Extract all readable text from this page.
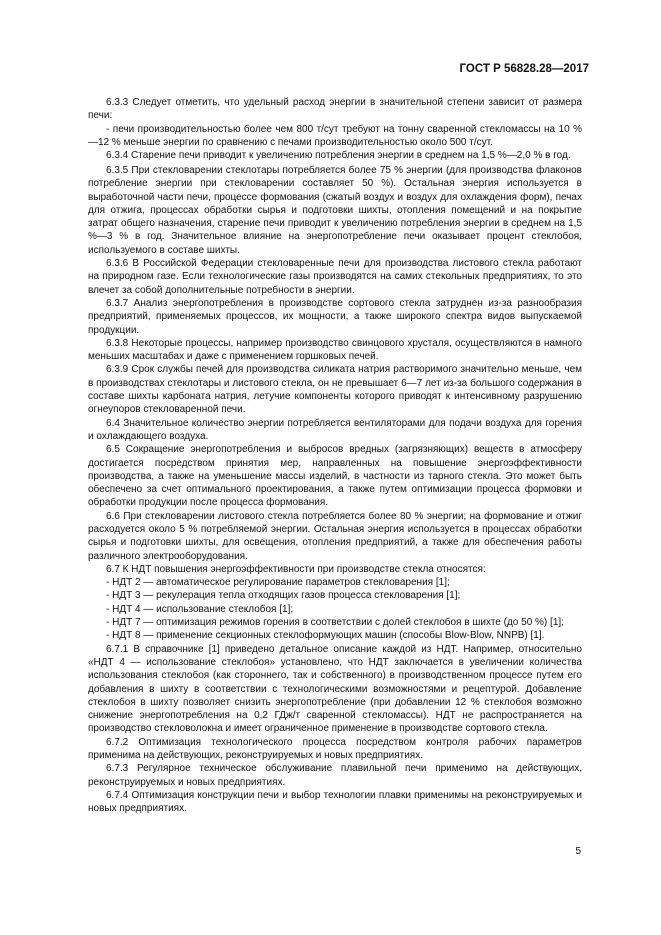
ГОСТ Р 56828.28—2017

6.3.3 Следует отметить, что удельный расход энергии в значительной степени зависит от размера печи:

- печи производительностью более чем 800 т/сут требуют на тонну сваренной стекломассы на 10 %—12 % меньше энергии по сравнению с печами производительностью около 500 т/сут.

6.3.4 Старение печи приводит к увеличению потребления энергии в среднем на 1,5 %—2,0 % в год.

6.3.5 При стекловарении стеклотары потребляется более 75 % энергии (для производства флаконов потребление энергии при стекловарении составляет 50 %). Остальная энергия используется в выработочной части печи, процессе формования (сжатый воздух и воздух для охлаждения форм), печах для отжига, процессах обработки сырья и подготовки шихты, отопления помещений и на покрытие затрат общего назначения, старение печи приводит к увеличению потребления энергии в среднем на 1,5 %—3 % в год. Значительное влияние на энергопотребление печи оказывает процент стеклобоя, используемого в составе шихты.

6.3.6 В Российской Федерации стекловаренные печи для производства листового стекла работают на природном газе. Если технологические газы производятся на самих стекольных предприятиях, то это влечет за собой дополнительные потребности в энергии.

6.3.7 Анализ энергопотребления в производстве сортового стекла затруднен из-за разнообразия предприятий, применяемых процессов, их мощности, а также широкого спектра видов выпускаемой продукции.

6.3.8 Некоторые процессы, например производство свинцового хрусталя, осуществляются в намного меньших масштабах и даже с применением горшковых печей.

6.3.9 Срок службы печей для производства силиката натрия растворимого значительно меньше, чем в производствах стеклотары и листового стекла, он не превышает 6—7 лет из-за большого содержания в составе шихты карбоната натрия, летучие компоненты которого приводят к интенсивному разрушению огнеупоров стекловаренной печи.

6.4 Значительное количество энергии потребляется вентиляторами для подачи воздуха для горения и охлаждающего воздуха.

6.5 Сокращение энергопотребления и выбросов вредных (загрязняющих) веществ в атмосферу достигается посредством принятия мер, направленных на повышение энергоэффективности производства, а также на уменьшение массы изделий, в частности из тарного стекла. Это может быть обеспечено за счет оптимального проектирования, а также путем оптимизации процесса формовки и обработки продукции после процесса формования.

6.6 При стекловарении листового стекла потребляется более 80 % энергии; на формование и отжиг расходуется около 5 % потребляемой энергии. Остальная энергия используется в процессах обработки сырья и подготовки шихты, для освещения, отопления предприятий, а также для обеспечения работы различного электрооборудования.

6.7 К НДТ повышения энергоэффективности при производстве стекла относятся:

- НДТ 2 — автоматическое регулирование параметров стекловарения [1];

- НДТ 3 — рекулерация тепла отходящих газов процесса стекловарения [1];

- НДТ 4 — использование стеклобоя [1];

- НДТ 7 — оптимизация режимов горения в соответствии с долей стеклобоя в шихте (до 50 %) [1];

- НДТ 8 — применение секционных стеклоформующих машин (способы Blow-Blow, NNPB) [1].

6.7.1 В справочнике [1] приведено детальное описание каждой из НДТ. Например, относительно «НДТ 4 — использование стеклобоя» установлено, что НДТ заключается в увеличении количества использования стеклобоя (как стороннего, так и собственного) в производственном процессе путем его добавления в шихту в соответствии с технологическими возможностями и рецептурой. Добавление стеклобоя в шихту позволяет снизить энергопотребление (при добавлении 12 % стеклобоя возможно снижение энергопотребления на 0,2 ГДж/т сваренной стекломассы). НДТ не распространяется на производство стекловолокна и имеет ограниченное применение в производстве сортового стекла.

6.7.2 Оптимизация технологического процесса посредством контроля рабочих параметров применима на действующих, реконструируемых и новых предприятиях.

6.7.3 Регулярное техническое обслуживание плавильной печи применимо на действующих, реконструируемых и новых предприятиях.

6.7.4 Оптимизация конструкции печи и выбор технологии плавки применимы на реконструируемых и новых предприятиях.

5
